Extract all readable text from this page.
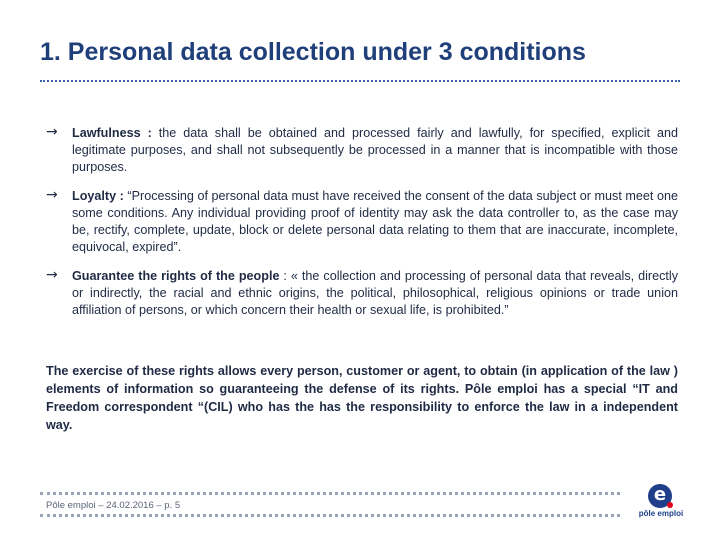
1. Personal data collection under 3 conditions
→ Lawfulness : the data shall be obtained and processed fairly and lawfully, for specified, explicit and legitimate purposes, and shall not subsequently be processed in a manner that is incompatible with those purposes.
→ Loyalty : “Processing of personal data must have received the consent of the data subject or must meet one some conditions. Any individual providing proof of identity may ask the data controller to, as the case may be, rectify, complete, update, block or delete personal data relating to them that are inaccurate, incomplete, equivocal, expired”.
→ Guarantee the rights of the people : « the collection and processing of personal data that reveals, directly or indirectly, the racial and ethnic origins, the political, philosophical, religious opinions or trade union affiliation of persons, or which concern their health or sexual life, is prohibited.”
The exercise of these rights allows every person, customer or agent, to obtain (in application of the law ) elements of information so guaranteeing the defense of its rights. Pôle emploi has a special “IT and Freedom correspondent “(CIL) who has the has the responsibility to enforce the law in a independent way.
Pôle emploi – 24.02.2016 – p. 5
e
pôle emploi
